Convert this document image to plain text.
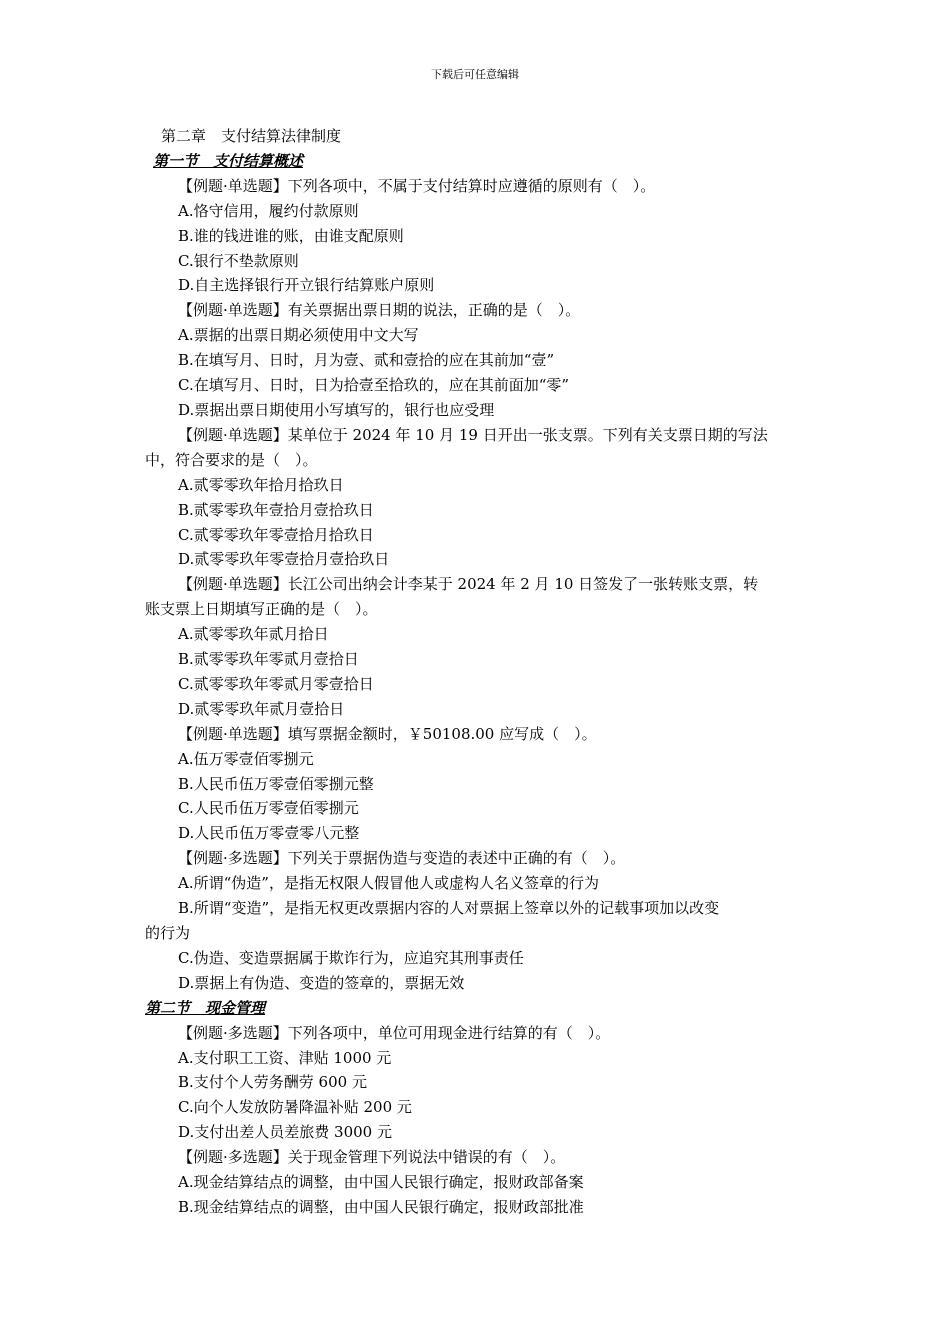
下载后可任意编辑
第二章　支付结算法律制度
第一节　支付结算概述
【例题·单选题】下列各项中，不属于支付结算时应遵循的原则有（　）。
A.恪守信用，履约付款原则
B.谁的钱进谁的账，由谁支配原则
C.银行不垫款原则
D.自主选择银行开立银行结算账户原则
【例题·单选题】有关票据出票日期的说法，正确的是（　）。
A.票据的出票日期必须使用中文大写
B.在填写月、日时，月为壹、贰和壹拾的应在其前加“壹”
C.在填写月、日时，日为拾壹至拾玖的，应在其前面加“零”
D.票据出票日期使用小写填写的，银行也应受理
【例题·单选题】某单位于 2024 年 10 月 19 日开出一张支票。下列有关支票日期的写法
中，符合要求的是（　）。
A.贰零零玖年拾月拾玖日
B.贰零零玖年壹拾月壹拾玖日
C.贰零零玖年零壹拾月拾玖日
D.贰零零玖年零壹拾月壹拾玖日
【例题·单选题】长江公司出纳会计李某于 2024 年 2 月 10 日签发了一张转账支票，转
账支票上日期填写正确的是（　）。
A.贰零零玖年贰月拾日
B.贰零零玖年零贰月壹拾日
C.贰零零玖年零贰月零壹拾日
D.贰零零玖年贰月壹拾日
【例题·单选题】填写票据金额时，￥50108.00 应写成（　）。
A.伍万零壹佰零捌元
B.人民币伍万零壹佰零捌元整
C.人民币伍万零壹佰零捌元
D.人民币伍万零壹零八元整
【例题·多选题】下列关于票据伪造与变造的表述中正确的有（　）。
A.所谓“伪造”，是指无权限人假冒他人或虚构人名义签章的行为
B.所谓“变造”，是指无权更改票据内容的人对票据上签章以外的记载事项加以改变
的行为
C.伪造、变造票据属于欺诈行为，应追究其刑事责任
D.票据上有伪造、变造的签章的，票据无效
第二节　现金管理
【例题·多选题】下列各项中，单位可用现金进行结算的有（　）。
A.支付职工工资、津贴 1000 元
B.支付个人劳务酬劳 600 元
C.向个人发放防暑降温补贴 200 元
D.支付出差人员差旅费 3000 元
【例题·多选题】关于现金管理下列说法中错误的有（　）。
A.现金结算结点的调整，由中国人民银行确定，报财政部备案
B.现金结算结点的调整，由中国人民银行确定，报财政部批准
